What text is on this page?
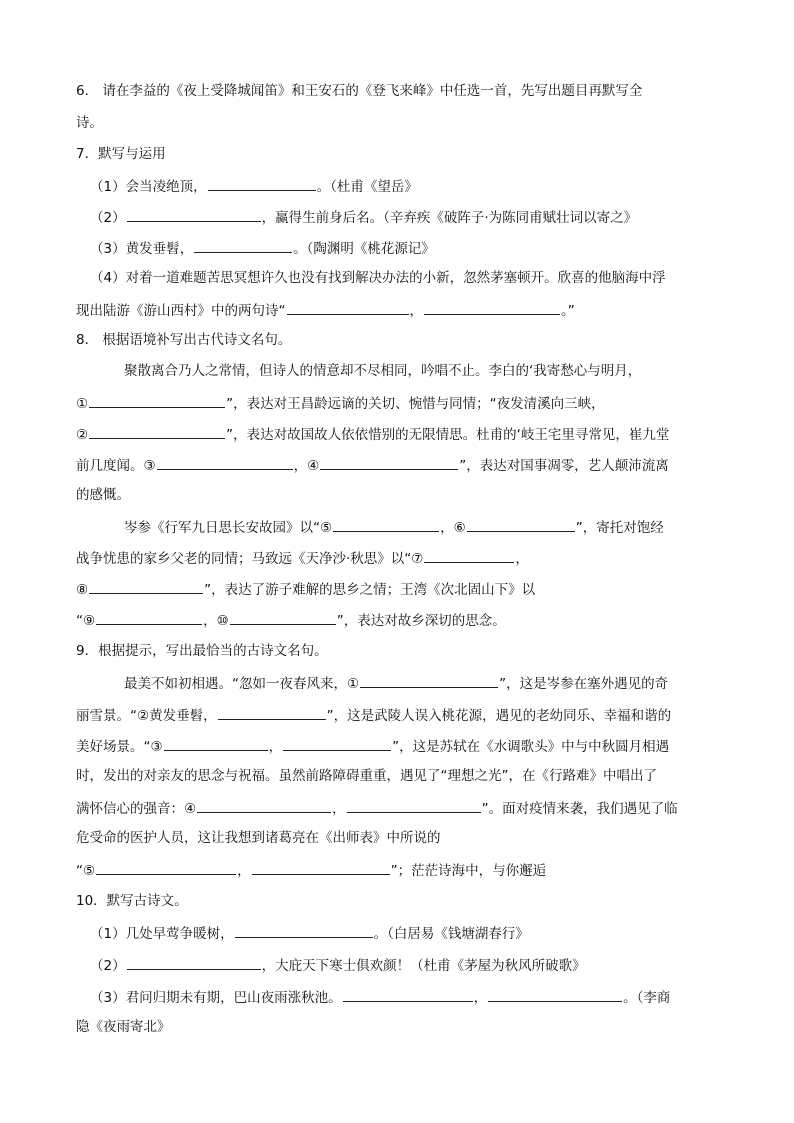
6． 请在李益的《夜上受降城闻笛》和王安石的《登飞来峰》中任选一首，先写出题目再默写全
诗。
7．默写与运用
（1）会当凌绝顶，	。（杜甫《望岳》
（2）	，赢得生前身后名。（辛弃疾《破阵子·为陈同甫赋壮词以寄之》
（3）黄发垂髫，	。（陶渊明《桃花源记》
（4）对着一道难题苦思冥想许久也没有找到解决办法的小新，忽然茅塞顿开。欣喜的他脑海中浮
现出陆游《游山西村》中的两句诗“	，	。”
8． 根据语境补写出古代诗文名句。
聚散离合乃人之常情，但诗人的情意却不尽相同，吟唱不止。李白的‘我寄愁心与明月，
①	”，表达对王昌龄远谪的关切、惋惜与同情；“夜发清溪向三峡，
②	”，表达对故国故人依依惜别的无限情思。杜甫的‘岐王宅里寻常见，崔九堂
前几度闻。③	，④	”，表达对国事凋零，艺人颠沛流离
的感慨。
岑参《行军九日思长安故园》以“⑤	，⑥	”，寄托对饱经
战争忧患的家乡父老的同情；马致远《天净沙·秋思》以“⑦	，
⑧	”，表达了游子难解的思乡之情；王湾《次北固山下》以
“⑨	，⑩	”，表达对故乡深切的思念。
9．根据提示，写出最恰当的古诗文名句。
最美不如初相遇。“忽如一夜春风来，①	”，这是岑参在塞外遇见的奇
丽雪景。“②黄发垂髫，	”，这是武陵人误入桃花源，遇见的老幼同乐、幸福和谐的
美好场景。“③	，	”，这是苏轼在《水调歌头》中与中秋圆月相遇
时，发出的对亲友的思念与祝福。虽然前路障碍重重，遇见了“理想之光”，在《行路难》中唱出了
满怀信心的强音：④	，	”。面对疫情来袭，我们遇见了临
危受命的医护人员，这让我想到诸葛亮在《出师表》中所说的
“⑤	，	”；茫茫诗海中，与你邂逅
10．默写古诗文。
（1）几处早莺争暖树，	。（白居易《钱塘湖春行》
（2）	，大庇天下寒士俱欢颜！（杜甫《茅屋为秋风所破歌》
（3）君问归期未有期，巴山夜雨涨秋池。	，	。（李商
隐《夜雨寄北》
